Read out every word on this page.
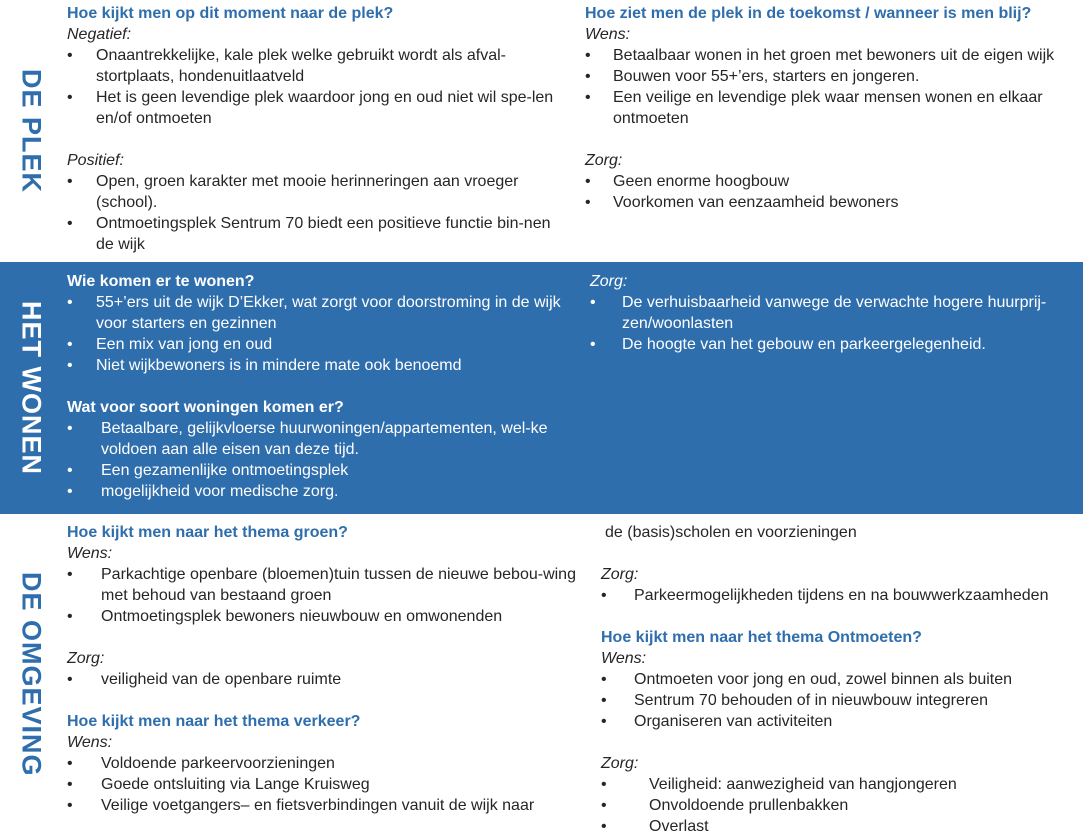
DE PLEK
Hoe kijkt men op dit moment naar de plek?

Negatief:

• Onaantrekkelijke, kale plek welke gebruikt wordt als afval-stortplaats, hondenuitlaatveld
• Het is geen levendige plek waardoor jong en oud niet wil spe-len en/of ontmoeten

Positief:

• Open, groen karakter met mooie herinneringen aan vroeger (school).
• Ontmoetingsplek Sentrum 70 biedt een positieve functie bin-nen de wijk
Hoe ziet men de plek in de toekomst / wanneer is men blij?

Wens:

• Betaalbaar wonen in het groen met bewoners uit de eigen wijk
• Bouwen voor 55+’ers, starters en jongeren.
• Een veilige en levendige plek waar mensen wonen en elkaar ontmoeten

Zorg:

• Geen enorme hoogbouw
• Voorkomen van eenzaamheid bewoners
HET WONEN
Wie komen er te wonen?
• 55+’ers uit de wijk D’Ekker, wat zorgt voor doorstroming in de wijk voor starters en gezinnen
• Een mix van jong en oud
• Niet wijkbewoners is in mindere mate ook benoemd
Wat voor soort woningen komen er?
• Betaalbare, gelijkvloerse huurwoningen/appartementen, wel-ke voldoen aan alle eisen van deze tijd.
• Een gezamenlijke ontmoetingsplek
• mogelijkheid voor medische zorg.

Zorg:

• De verhuisbaarheid vanwege de verwachte hogere huurprij-zen/woonlasten
• De hoogte van het gebouw en parkeergelegenheid.
DE OMGEVING
Hoe kijkt men naar het thema groen?

Wens:

• Parkachtige openbare (bloemen)tuin tussen de nieuwe bebou-wing met behoud van bestaand groen
• Ontmoetingsplek bewoners nieuwbouw en omwonenden

Zorg:

• veiligheid van de openbare ruimte
Hoe kijkt men naar het thema verkeer?

Wens:

• Voldoende parkeervoorzieningen
• Goede ontsluiting via Lange Kruisweg
• Veilige voetgangers– en fietsverbindingen vanuit de wijk naar

de (basis)scholen en voorzieningen

Zorg:

• Parkeermogelijkheden tijdens en na bouwwerkzaamheden
Hoe kijkt men naar het thema Ontmoeten?

Wens:

• Ontmoeten voor jong en oud, zowel binnen als buiten
• Sentrum 70 behouden of in nieuwbouw integreren
• Organiseren van activiteiten

Zorg:

• Veiligheid: aanwezigheid van hangjongeren
• Onvoldoende prullenbakken
• Overlast
